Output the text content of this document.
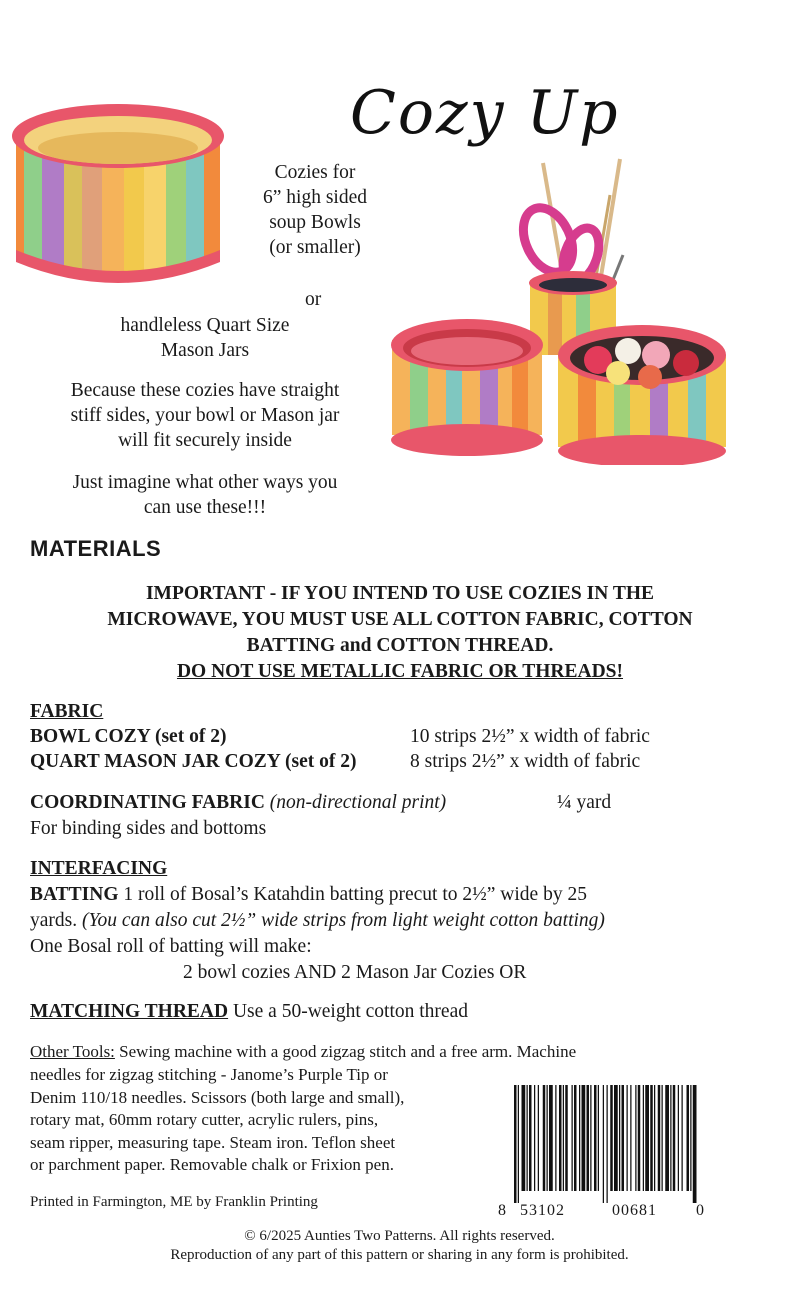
Cozy Up
Cozies for
6” high sided
soup Bowls
(or smaller)
or
handleless Quart Size
Mason Jars
Because these cozies have straight
stiff sides, your bowl or Mason jar
will fit securely inside
Just imagine what other ways you
can use these!!!
MATERIALS
IMPORTANT - IF YOU INTEND TO USE COZIES IN THE
MICROWAVE, YOU MUST USE ALL COTTON FABRIC, COTTON
BATTING and COTTON THREAD.
DO NOT USE METALLIC FABRIC OR THREADS!
FABRIC
BOWL COZY (set of 2)	10 strips 2½” x width of fabric
QUART MASON JAR COZY (set of 2)	8 strips 2½” x width of fabric
COORDINATING FABRIC (non-directional print)	¼ yard
For binding sides and bottoms
INTERFACING
BATTING 1 roll of Bosal’s Katahdin batting precut to 2½” wide by 25
yards. (You can also cut 2½” wide strips from light weight cotton batting)
One Bosal roll of batting will make:
2 bowl cozies AND 2 Mason Jar Cozies OR
MATCHING THREAD Use a 50-weight cotton thread
Other Tools: Sewing machine with a good zigzag stitch and a free arm. Machine
needles for zigzag stitching - Janome’s Purple Tip or
Denim 110/18 needles. Scissors (both large and small),
rotary mat, 60mm rotary cutter, acrylic rulers, pins,
seam ripper, measuring tape. Steam iron. Teflon sheet
or parchment paper. Removable chalk or Frixion pen.
Printed in Farmington, ME by Franklin Printing	8 53102	00681 0
© 6/2025 Aunties Two Patterns. All rights reserved.
Reproduction of any part of this pattern or sharing in any form is prohibited.
